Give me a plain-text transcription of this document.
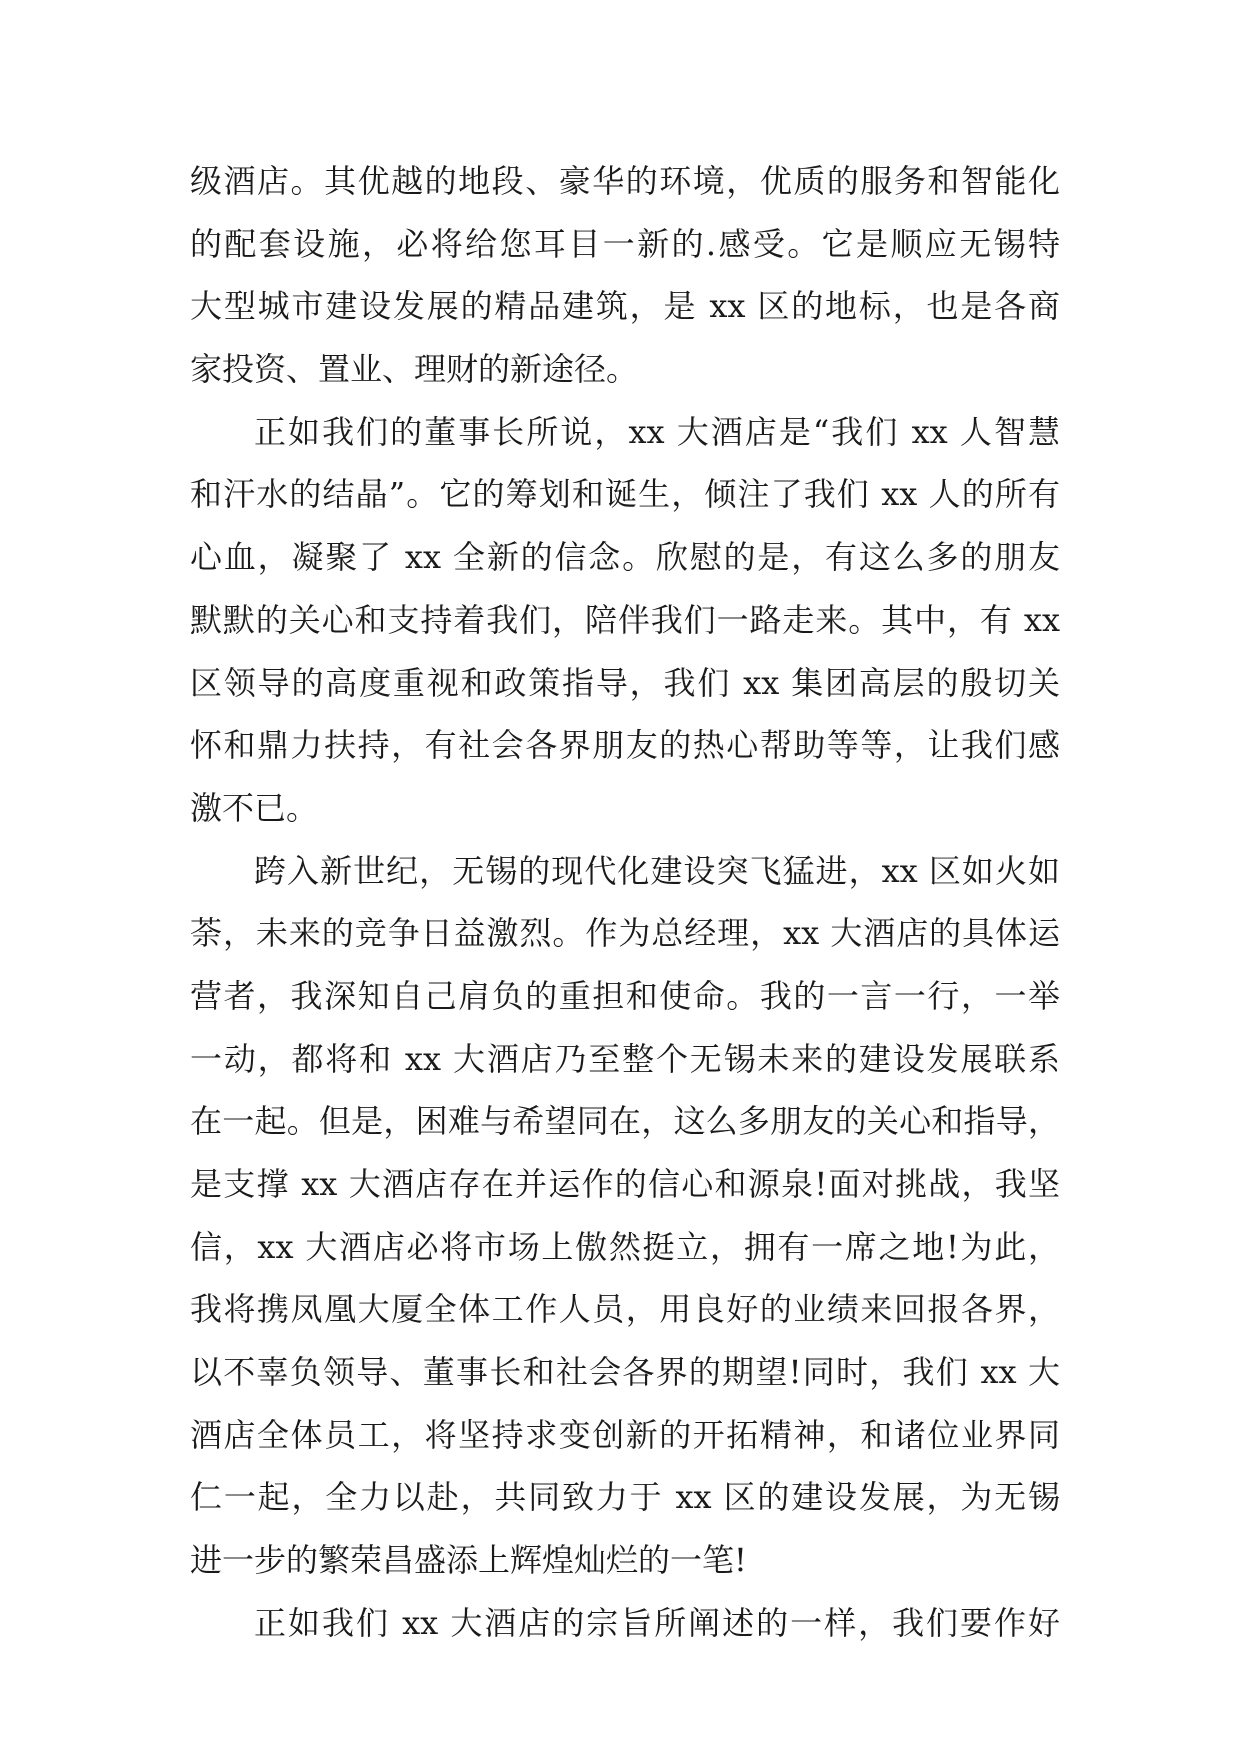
级酒店。其优越的地段、豪华的环境，优质的服务和智能化
的配套设施，必将给您耳目一新的.感受。它是顺应无锡特
大型城市建设发展的精品建筑，是 xx 区的地标，也是各商
家投资、置业、理财的新途径。
正如我们的董事长所说，xx 大酒店是“我们 xx 人智慧
和汗水的结晶”。它的筹划和诞生，倾注了我们 xx 人的所有
心血，凝聚了 xx 全新的信念。欣慰的是，有这么多的朋友
默默的关心和支持着我们，陪伴我们一路走来。其中，有 xx
区领导的高度重视和政策指导，我们 xx 集团高层的殷切关
怀和鼎力扶持，有社会各界朋友的热心帮助等等，让我们感
激不已。
跨入新世纪，无锡的现代化建设突飞猛进，xx 区如火如
荼，未来的竞争日益激烈。作为总经理，xx 大酒店的具体运
营者，我深知自己肩负的重担和使命。我的一言一行，一举
一动，都将和 xx 大酒店乃至整个无锡未来的建设发展联系
在一起。但是，困难与希望同在，这么多朋友的关心和指导，
是支撑 xx 大酒店存在并运作的信心和源泉!面对挑战，我坚
信，xx 大酒店必将市场上傲然挺立，拥有一席之地!为此，
我将携凤凰大厦全体工作人员，用良好的业绩来回报各界，
以不辜负领导、董事长和社会各界的期望!同时，我们 xx 大
酒店全体员工，将坚持求变创新的开拓精神，和诸位业界同
仁一起，全力以赴，共同致力于 xx 区的建设发展，为无锡
进一步的繁荣昌盛添上辉煌灿烂的一笔!
正如我们 xx 大酒店的宗旨所阐述的一样，我们要作好
